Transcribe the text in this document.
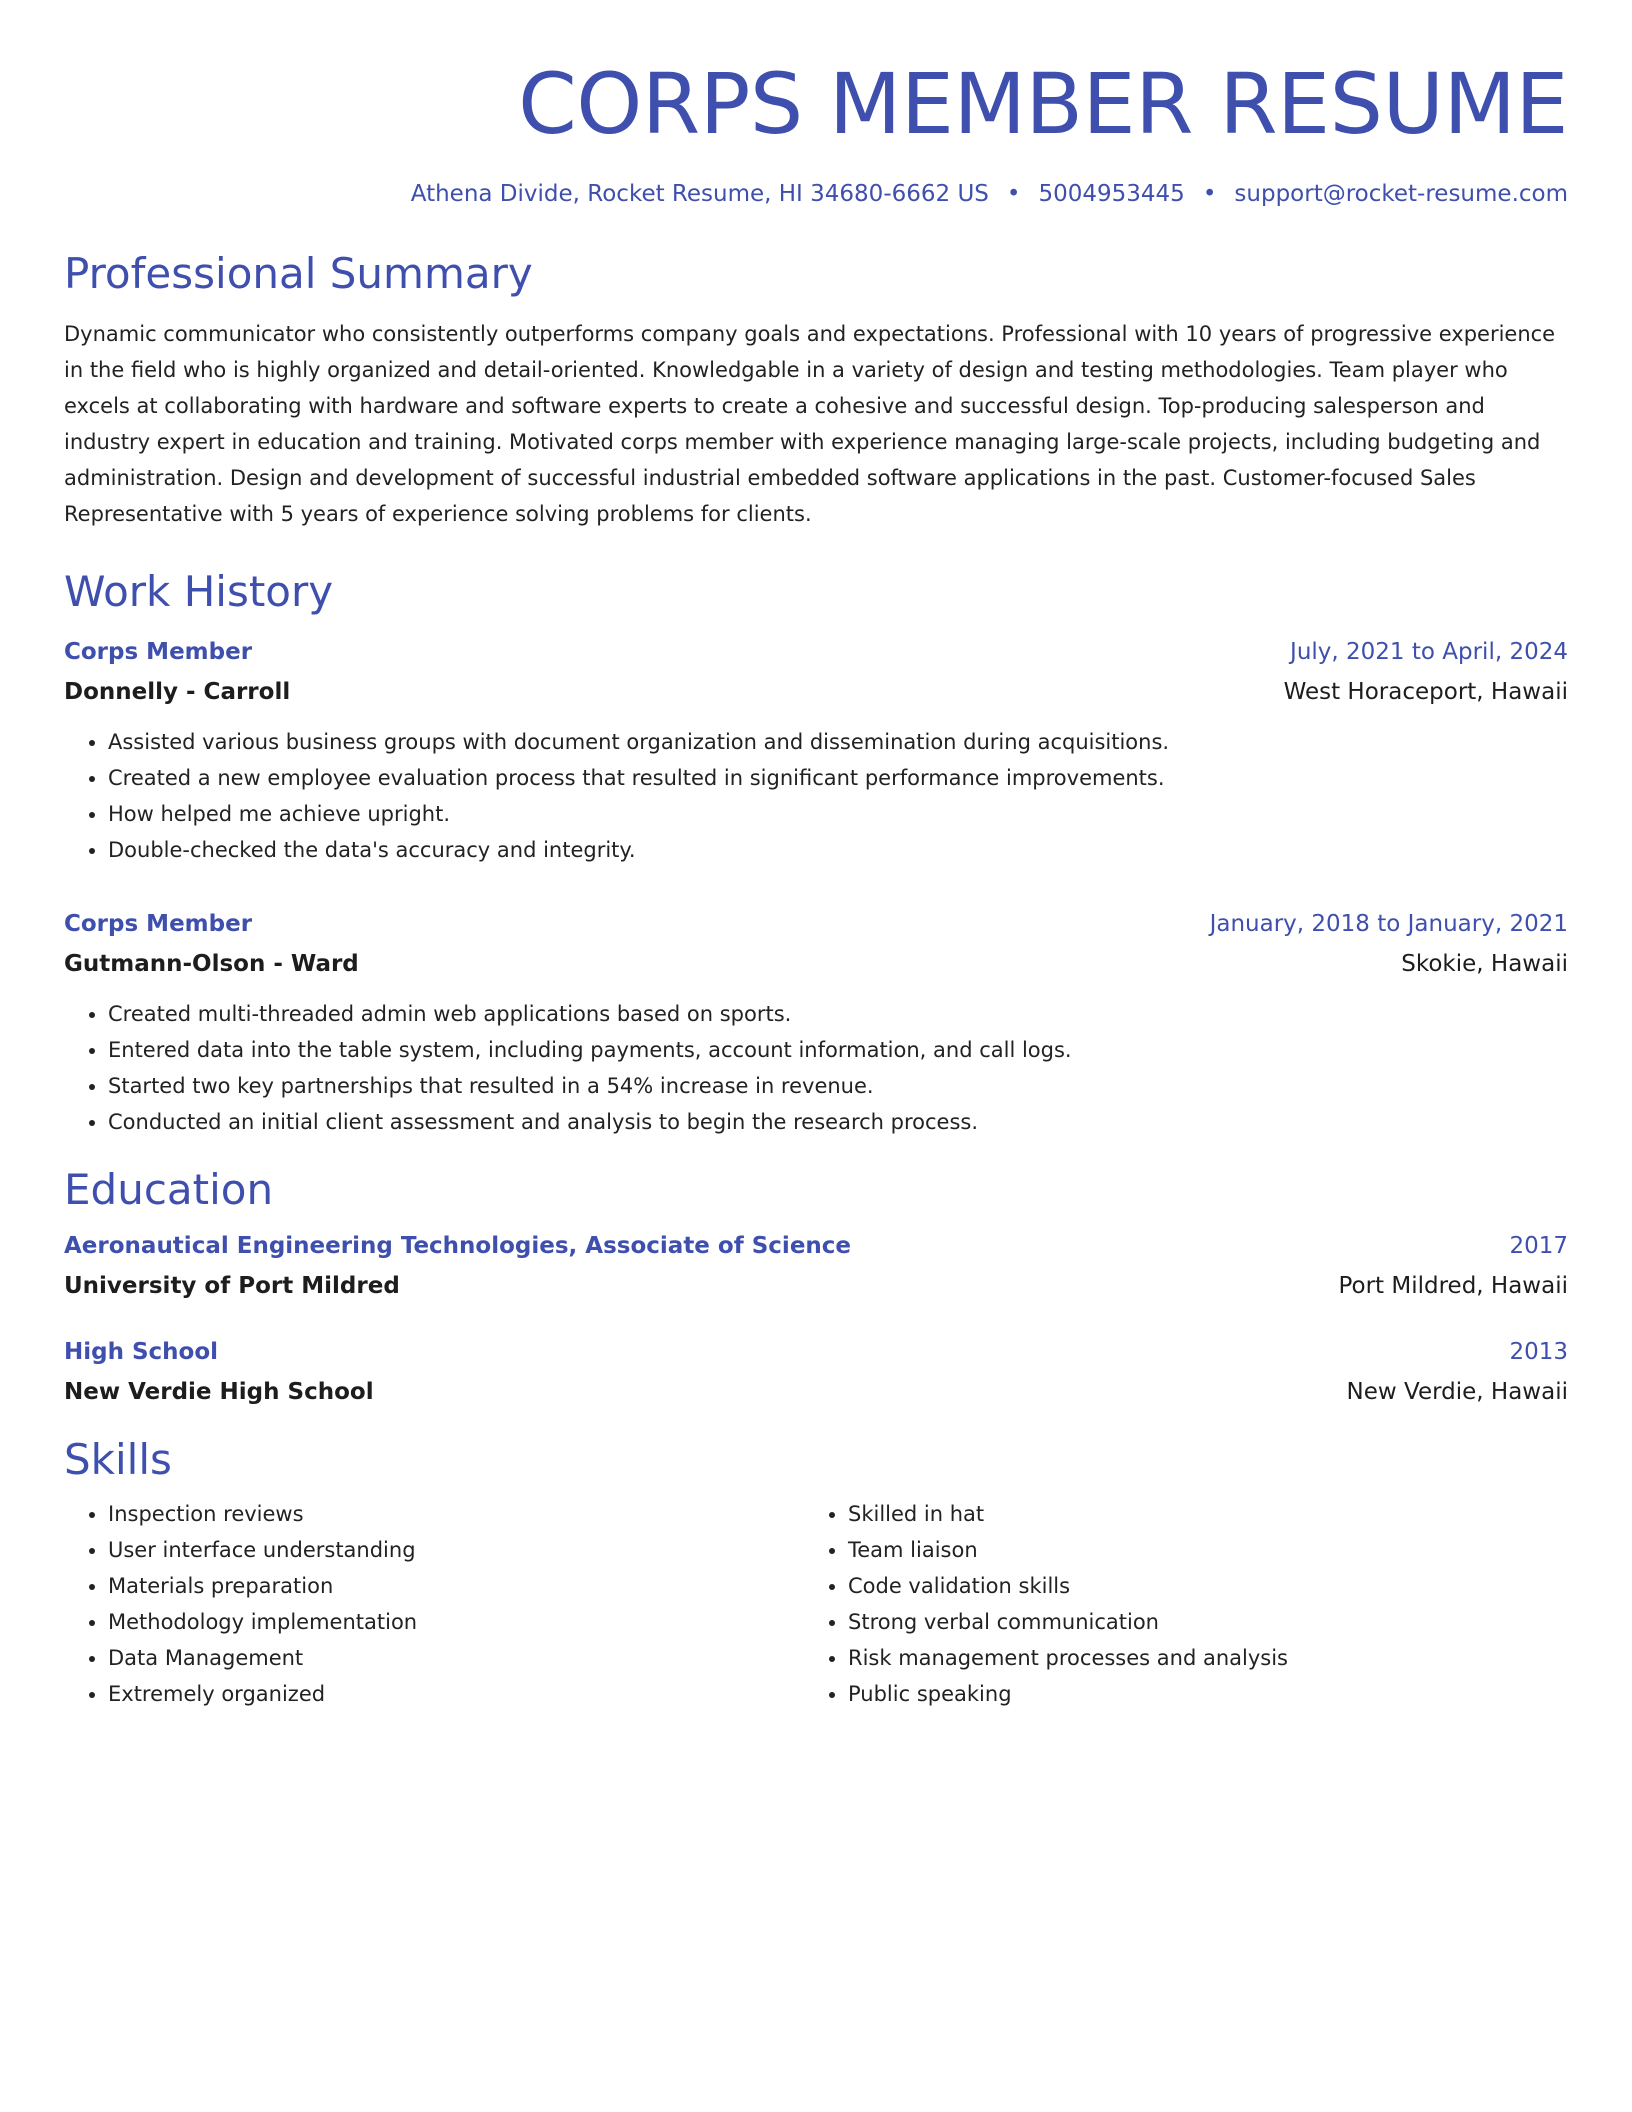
CORPS MEMBER RESUME
Athena Divide, Rocket Resume, HI 34680-6662 US • 5004953445 • support@rocket-resume.com
Professional Summary
Dynamic communicator who consistently outperforms company goals and expectations. Professional with 10 years of progressive experience in the field who is highly organized and detail-oriented. Knowledgable in a variety of design and testing methodologies. Team player who excels at collaborating with hardware and software experts to create a cohesive and successful design. Top-producing salesperson and industry expert in education and training. Motivated corps member with experience managing large-scale projects, including budgeting and administration. Design and development of successful industrial embedded software applications in the past. Customer-focused Sales Representative with 5 years of experience solving problems for clients.
Work History
Corps Member	July, 2021 to April, 2024
Donnelly - Carroll	West Horaceport, Hawaii
• Assisted various business groups with document organization and dissemination during acquisitions.
• Created a new employee evaluation process that resulted in significant performance improvements.
• How helped me achieve upright.
• Double-checked the data's accuracy and integrity.
Corps Member	January, 2018 to January, 2021
Gutmann-Olson - Ward	Skokie, Hawaii
• Created multi-threaded admin web applications based on sports.
• Entered data into the table system, including payments, account information, and call logs.
• Started two key partnerships that resulted in a 54% increase in revenue.
• Conducted an initial client assessment and analysis to begin the research process.
Education
Aeronautical Engineering Technologies, Associate of Science	2017
University of Port Mildred	Port Mildred, Hawaii
High School	2013
New Verdie High School	New Verdie, Hawaii
Skills
• Inspection reviews
• User interface understanding
• Materials preparation
• Methodology implementation
• Data Management
• Extremely organized
• Skilled in hat
• Team liaison
• Code validation skills
• Strong verbal communication
• Risk management processes and analysis
• Public speaking
